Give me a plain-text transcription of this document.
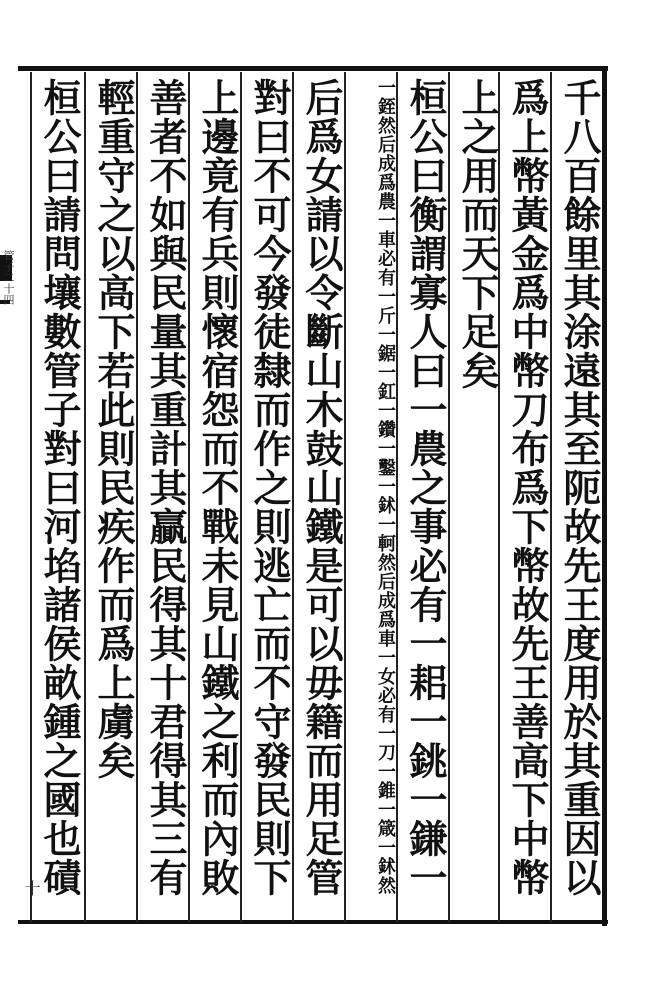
管子二十四
千八百餘里其涂遠其至阨故先王度用於其重因以
爲上幣黃金爲中幣刀布爲下幣故先王善高下中幣
上之用而天下足矣
桓公曰衡謂寡人曰一農之事必有一耜一銚一鎌一
一銍然后成爲農一車必有一斤一鋸一釭一鑽一鑿一鉥一軻然后成爲車一女必有一刀一錐一箴一鉥然
后爲女請以令斷山木鼓山鐵是可以毋籍而用足管
對曰不可今發徒隸而作之則逃亡而不守發民則下
上邊竟有兵則懷宿怨而不戰未見山鐵之利而內敗
善者不如與民量其重計其贏民得其十君得其三有
輕重守之以高下若此則民疾作而爲上虜矣
桓公曰請問壤數管子對曰河埳諸侯畝鍾之國也磧
十
